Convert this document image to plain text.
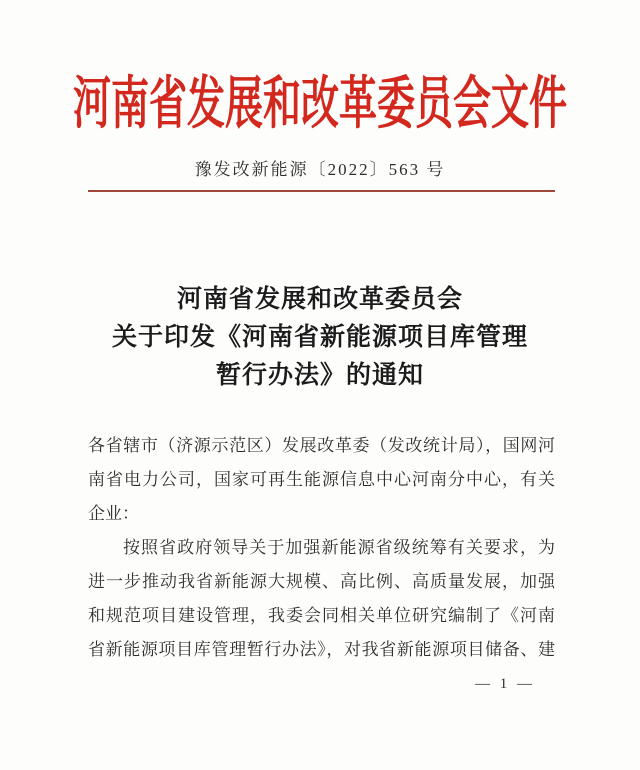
河南省发展和改革委员会文件
豫发改新能源〔2022〕563 号
河南省发展和改革委员会
关于印发《河南省新能源项目库管理
暂行办法》的通知
各省辖市（济源示范区）发展改革委（发改统计局），国网河
南省电力公司，国家可再生能源信息中心河南分中心，有关
企业：
按照省政府领导关于加强新能源省级统筹有关要求，为
进一步推动我省新能源大规模、高比例、高质量发展，加强
和规范项目建设管理，我委会同相关单位研究编制了《河南
省新能源项目库管理暂行办法》，对我省新能源项目储备、建
— 1 —
